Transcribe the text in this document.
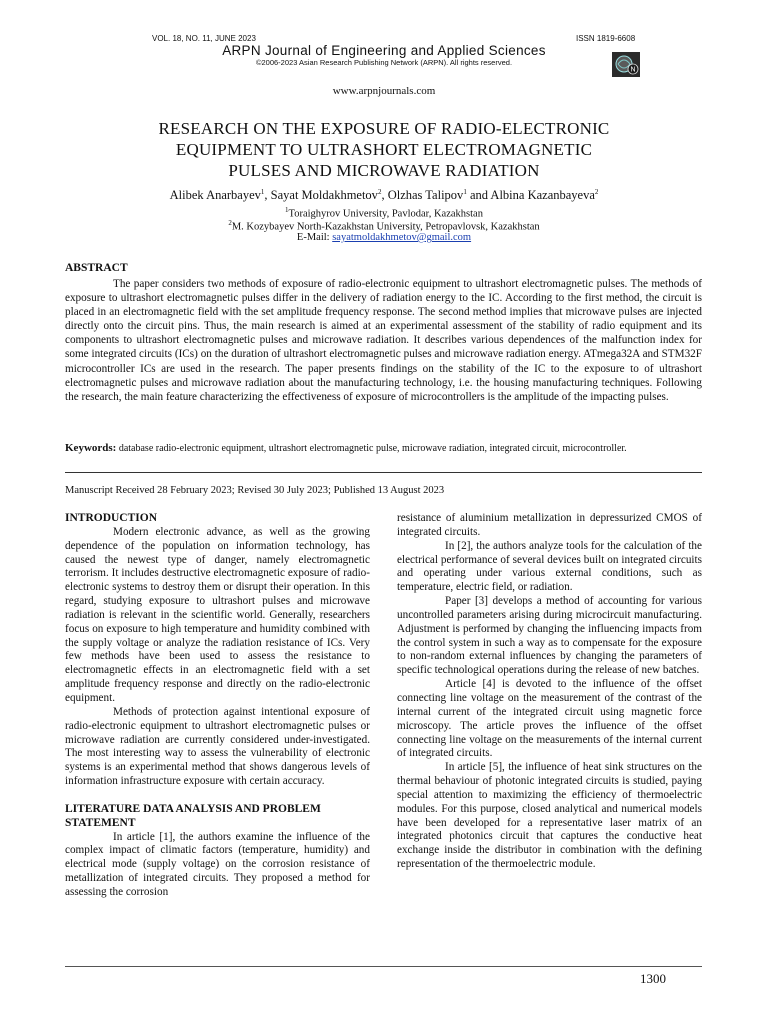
VOL. 18, NO. 11, JUNE 2023	ISSN 1819-6608
ARPN Journal of Engineering and Applied Sciences
©2006-2023 Asian Research Publishing Network (ARPN). All rights reserved.
N
www.arpnjournals.com
RESEARCH ON THE EXPOSURE OF RADIO-ELECTRONIC
EQUIPMENT TO ULTRASHORT ELECTROMAGNETIC
PULSES AND MICROWAVE RADIATION
Alibek Anarbayev$^1$, Sayat Moldakhmetov$^2$, Olzhas Talipov$^1$ and Albina Kazanbayeva$^2$
$^1$Toraighyrov University, Pavlodar, Kazakhstan
$^2$M. Kozybayev North-Kazakhstan University, Petropavlovsk, Kazakhstan
E-Mail: sayatmoldakhmetov@gmail.com
ABSTRACT
The paper considers two methods of exposure of radio-electronic equipment to ultrashort electromagnetic pulses. The methods of exposure to ultrashort electromagnetic pulses differ in the delivery of radiation energy to the IC. According to the first method, the circuit is placed in an electromagnetic field with the set amplitude frequency response. The second method implies that microwave pulses are injected directly onto the circuit pins. Thus, the main research is aimed at an experimental assessment of the stability of radio equipment and its components to ultrashort electromagnetic pulses and microwave radiation. It describes various dependences of the malfunction index for some integrated circuits (ICs) on the duration of ultrashort electromagnetic pulses and microwave radiation energy. ATmega32A and STM32F microcontroller ICs are used in the research. The paper presents findings on the stability of the IC to the exposure to of ultrashort electromagnetic pulses and microwave radiation about the manufacturing technology, i.e. the housing manufacturing techniques. Following the research, the main feature characterizing the effectiveness of exposure of microcontrollers is the amplitude of the impacting pulses.
Keywords: database radio-electronic equipment, ultrashort electromagnetic pulse, microwave radiation, integrated circuit, microcontroller.
Manuscript Received 28 February 2023; Revised 30 July 2023; Published 13 August 2023
INTRODUCTION

Modern electronic advance, as well as the growing dependence of the population on information technology, has caused the newest type of danger, namely electromagnetic terrorism. It includes destructive electromagnetic exposure of radio-electronic systems to destroy them or disrupt their operation. In this regard, studying exposure to ultrashort pulses and microwave radiation is relevant in the scientific world. Generally, researchers focus on exposure to high temperature and humidity combined with the supply voltage or analyze the radiation resistance of ICs. Very few methods have been used to assess the resistance to electromagnetic effects in an electromagnetic field with a set amplitude frequency response and directly on the radio-electronic equipment.

Methods of protection against intentional exposure of radio-electronic equipment to ultrashort electromagnetic pulses or microwave radiation are currently considered under-investigated. The most interesting way to assess the vulnerability of electronic systems is an experimental method that shows dangerous levels of information infrastructure exposure with certain accuracy.

LITERATURE DATA ANALYSIS AND PROBLEM STATEMENT

In article [1], the authors examine the influence of the complex impact of climatic factors (temperature, humidity) and electrical mode (supply voltage) on the corrosion resistance of metallization of integrated circuits. They proposed a method for assessing the corrosion

resistance of aluminium metallization in depressurized CMOS of integrated circuits.

In [2], the authors analyze tools for the calculation of the electrical performance of several devices built on integrated circuits and operating under various external conditions, such as temperature, electric field, or radiation.

Paper [3] develops a method of accounting for various uncontrolled parameters arising during microcircuit manufacturing. Adjustment is performed by changing the influencing impacts from the control system in such a way as to compensate for the exposure to non-random external influences by changing the parameters of specific technological operations during the release of new batches.

Article [4] is devoted to the influence of the offset connecting line voltage on the measurement of the contrast of the internal current of the integrated circuit using magnetic force microscopy. The article proves the influence of the offset connecting line voltage on the measurements of the internal current of integrated circuits.

In article [5], the influence of heat sink structures on the thermal behaviour of photonic integrated circuits is studied, paying special attention to maximizing the efficiency of thermoelectric modules. For this purpose, closed analytical and numerical models have been developed for a representative laser matrix of an integrated photonics circuit that captures the conductive heat exchange inside the distributor in combination with the defining representation of the thermoelectric module.

1300
